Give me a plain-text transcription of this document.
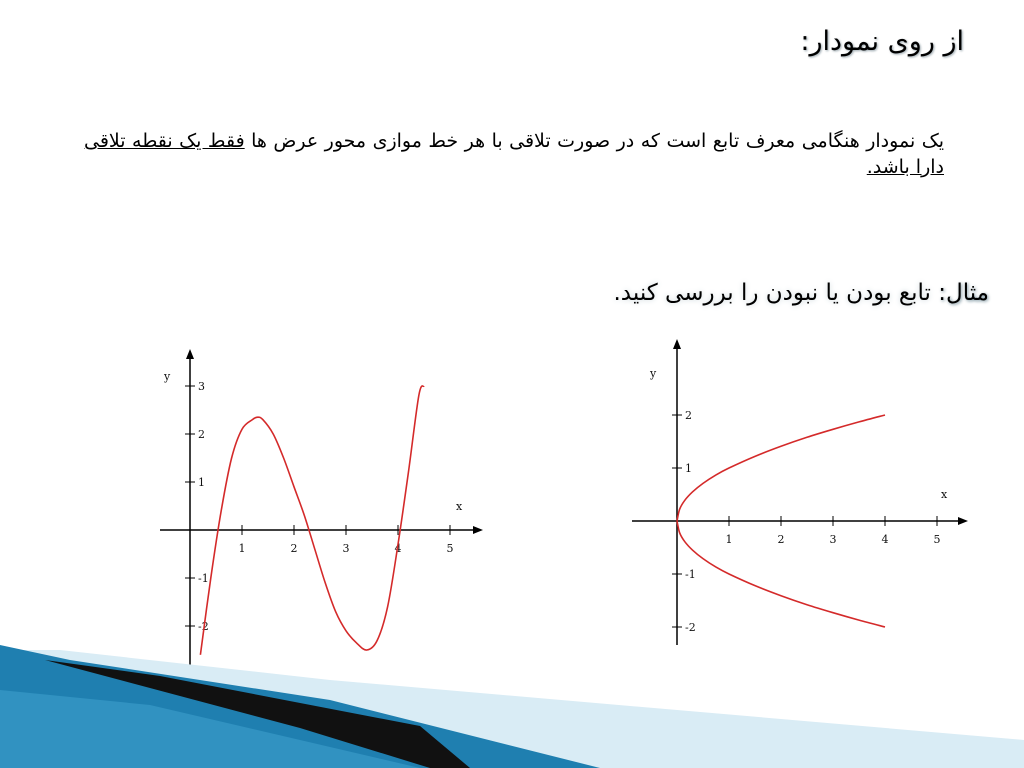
از روی نمودار:
یک نمودار هنگامی معرف تابع است که در صورت تلاقی با هر خط موازی محور عرض ها فقط یک نقطه تلاقی دارا باشد.
مثال: تابع بودن یا نبودن را بررسی کنید.
x
y
1	2	3	4	5
3
2
1
-1
-2
x
y
1	2	3	4	5
2
1
-1
-2
